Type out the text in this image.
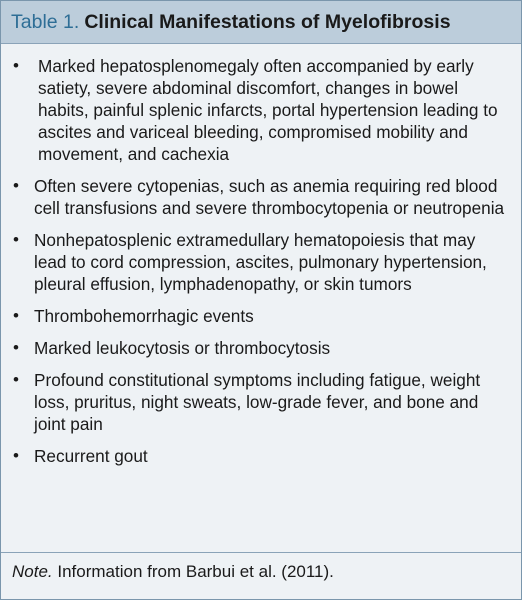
Table 1. Clinical Manifestations of Myelofibrosis
• Marked hepatosplenomegaly often accompanied by early satiety, severe abdominal discomfort, changes in bowel habits, painful splenic infarcts, portal hypertension leading to ascites and variceal bleeding, compromised mobility and movement, and cachexia
• Often severe cytopenias, such as anemia requiring red blood cell transfusions and severe thrombocytopenia or neutropenia
• Nonhepatosplenic extramedullary hematopoiesis that may lead to cord compression, ascites, pulmonary hypertension, pleural effusion, lymphadenopathy, or skin tumors
• Thrombohemorrhagic events
• Marked leukocytosis or thrombocytosis
• Profound constitutional symptoms including fatigue, weight loss, pruritus, night sweats, low-grade fever, and bone and joint pain
• Recurrent gout
Note. Information from Barbui et al. (2011).
